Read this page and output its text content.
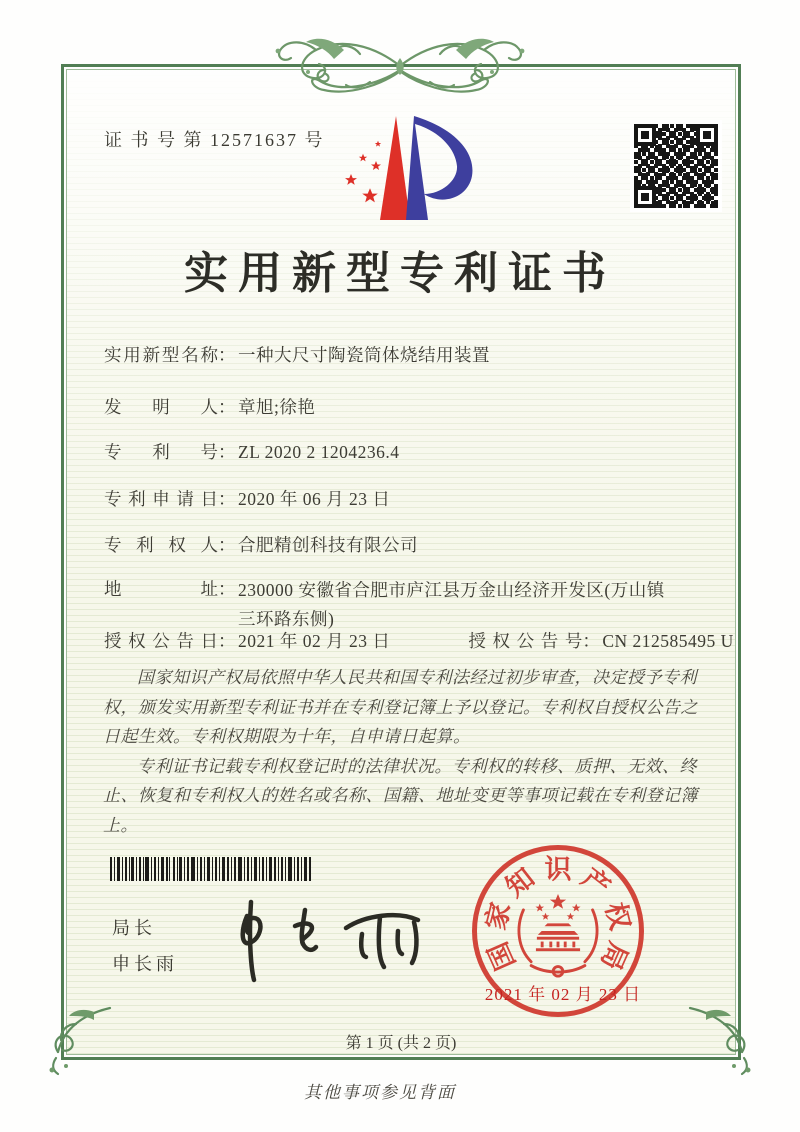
证 书 号 第 12571637 号
实用新型专利证书
实用新型名称 ： 一种大尺寸陶瓷筒体烧结用装置
发明人 ： 章旭;徐艳
专利号 ： ZL 2020 2 1204236.4
专利申请日 ： 2020 年 06 月 23 日
专利权人 ： 合肥精创科技有限公司
地址 ： 230000 安徽省合肥市庐江县万金山经济开发区(万山镇三环路东侧)
授权公告日 ： 2021 年 02 月 23 日	授权公告号 ： CN 212585495 U

国家知识产权局依照中华人民共和国专利法经过初步审查，决定授予专利权，颁发实用新型专利证书并在专利登记簿上予以登记。专利权自授权公告之日起生效。专利权期限为十年，自申请日起算。

专利证书记载专利权登记时的法律状况。专利权的转移、质押、无效、终止、恢复和专利权人的姓名或名称、国籍、地址变更等事项记载在专利登记簿上。

局长
申长雨	国
家
知 识 产
权
局
2021 年 02 月 23 日
第 1 页 (共 2 页)
其他事项参见背面
